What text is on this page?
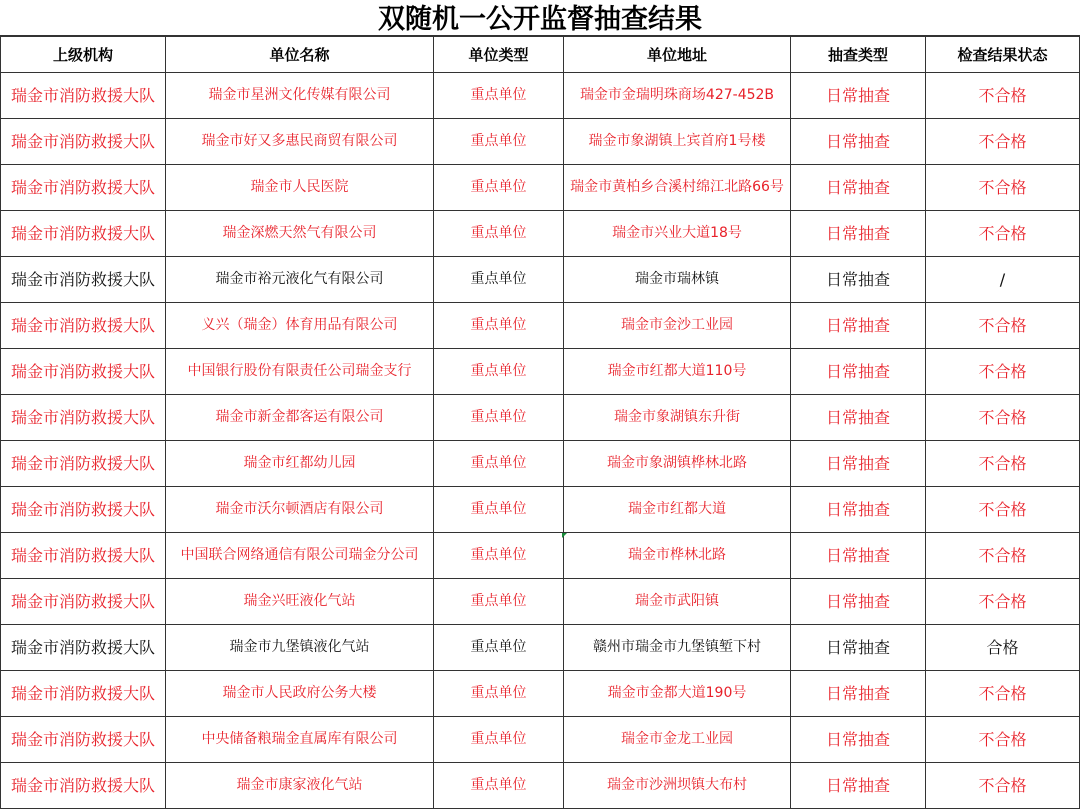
双随机一公开监督抽查结果
上级机构	单位名称	单位类型	单位地址	抽查类型	检查结果状态
瑞金市消防救援大队	瑞金市星洲文化传媒有限公司	重点单位	瑞金市金瑞明珠商场427-452B	日常抽查	不合格
瑞金市消防救援大队	瑞金市好又多惠民商贸有限公司	重点单位	瑞金市象湖镇上宾首府1号楼	日常抽查	不合格
瑞金市消防救援大队	瑞金市人民医院	重点单位	瑞金市黄柏乡合溪村绵江北路66号	日常抽查	不合格
瑞金市消防救援大队	瑞金深燃天然气有限公司	重点单位	瑞金市兴业大道18号	日常抽查	不合格
瑞金市消防救援大队	瑞金市裕元液化气有限公司	重点单位	瑞金市瑞林镇	日常抽查	/
瑞金市消防救援大队	义兴（瑞金）体育用品有限公司	重点单位	瑞金市金沙工业园	日常抽查	不合格
瑞金市消防救援大队	中国银行股份有限责任公司瑞金支行	重点单位	瑞金市红都大道110号	日常抽查	不合格
瑞金市消防救援大队	瑞金市新金都客运有限公司	重点单位	瑞金市象湖镇东升街	日常抽查	不合格
瑞金市消防救援大队	瑞金市红都幼儿园	重点单位	瑞金市象湖镇桦林北路	日常抽查	不合格
瑞金市消防救援大队	瑞金市沃尔顿酒店有限公司	重点单位	瑞金市红都大道	日常抽查	不合格
瑞金市消防救援大队	中国联合网络通信有限公司瑞金分公司	重点单位	瑞金市桦林北路	日常抽查	不合格
瑞金市消防救援大队	瑞金兴旺液化气站	重点单位	瑞金市武阳镇	日常抽查	不合格
瑞金市消防救援大队	瑞金市九堡镇液化气站	重点单位	赣州市瑞金市九堡镇堑下村	日常抽查	合格
瑞金市消防救援大队	瑞金市人民政府公务大楼	重点单位	瑞金市金都大道190号	日常抽查	不合格
瑞金市消防救援大队	中央储备粮瑞金直属库有限公司	重点单位	瑞金市金龙工业园	日常抽查	不合格
瑞金市消防救援大队	瑞金市康家液化气站	重点单位	瑞金市沙洲坝镇大布村	日常抽查	不合格
